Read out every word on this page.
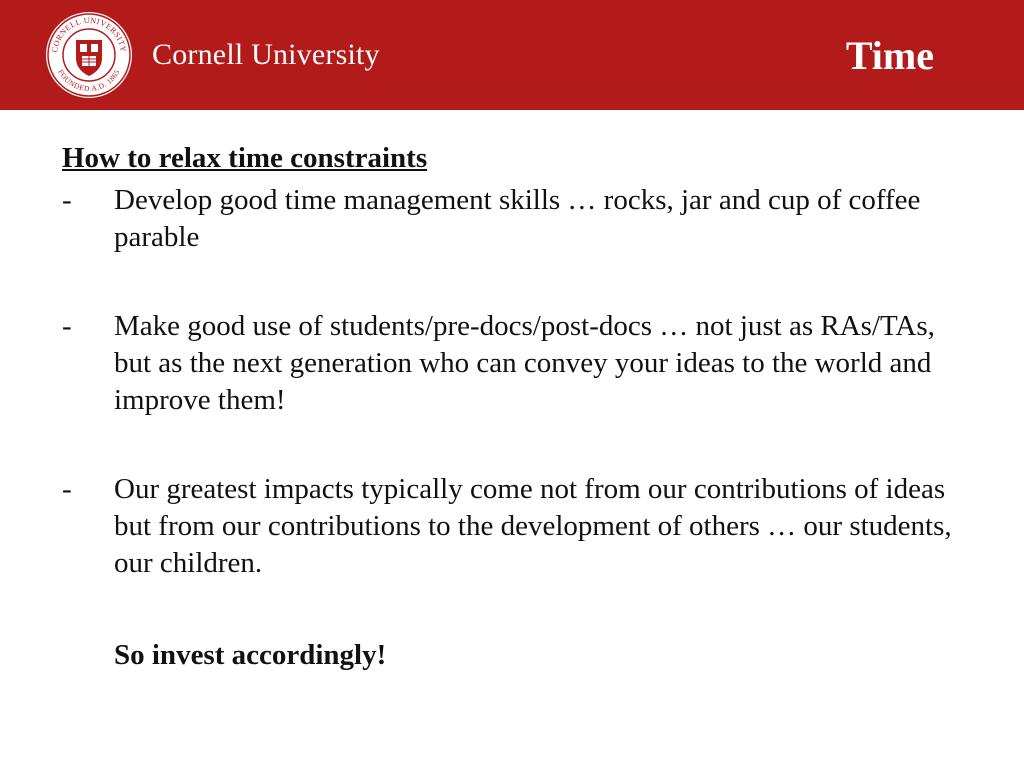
CORNELL UNIVERSITY
FOUNDED A.D. 1865
Cornell University	Time

How to relax time constraints

- Develop good time management skills … rocks, jar and cup of coffee parable

- Make good use of students/pre-docs/post-docs … not just as RAs/TAs, but as the next generation who can convey your ideas to the world and improve them!

- Our greatest impacts typically come not from our contributions of ideas but from our contributions to the development of others … our students, our children.

So invest accordingly!
